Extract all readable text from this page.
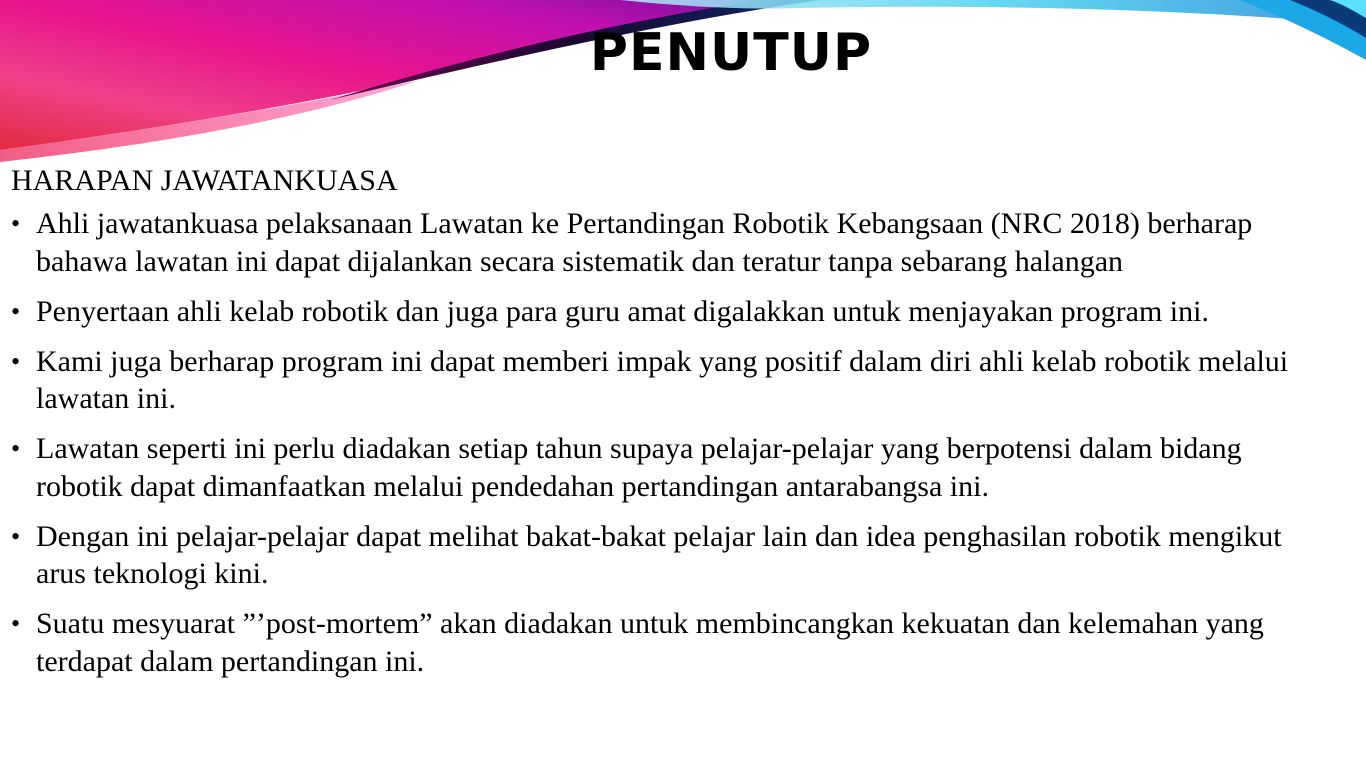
PENUTUP
HARAPAN JAWATANKUASA
• Ahli jawatankuasa pelaksanaan Lawatan ke Pertandingan Robotik Kebangsaan (NRC 2018) berharap bahawa lawatan ini dapat dijalankan secara sistematik dan teratur tanpa sebarang halangan
• Penyertaan ahli kelab robotik dan juga para guru amat digalakkan untuk menjayakan program ini.
• Kami juga berharap program ini dapat memberi impak yang positif dalam diri ahli kelab robotik melalui lawatan ini.
• Lawatan seperti ini perlu diadakan setiap tahun supaya pelajar-pelajar yang berpotensi dalam bidang robotik dapat dimanfaatkan melalui pendedahan pertandingan antarabangsa ini.
• Dengan ini pelajar-pelajar dapat melihat bakat-bakat pelajar lain dan idea penghasilan robotik mengikut arus teknologi kini.
• Suatu mesyuarat ”’post-mortem” akan diadakan untuk membincangkan kekuatan dan kelemahan yang terdapat dalam pertandingan ini.
